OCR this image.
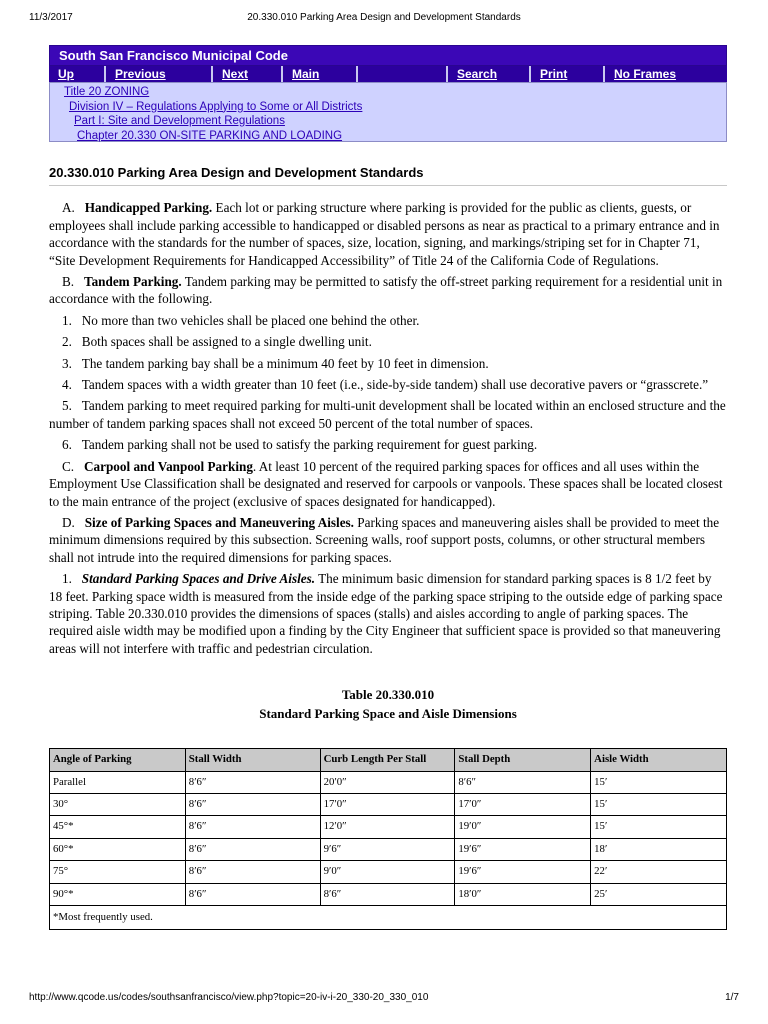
11/3/2017	20.330.010 Parking Area Design and Development Standards
South San Francisco Municipal Code
Up	Previous	Next	Main	Search	Print	No Frames
Title 20 ZONING
Division IV – Regulations Applying to Some or All Districts
Part I: Site and Development Regulations
Chapter 20.330 ON-SITE PARKING AND LOADING
20.330.010 Parking Area Design and Development Standards

A. Handicapped Parking. Each lot or parking structure where parking is provided for the public as clients, guests, or employees shall include parking accessible to handicapped or disabled persons as near as practical to a primary entrance and in accordance with the standards for the number of spaces, size, location, signing, and markings/striping set for in Chapter 71, “Site Development Requirements for Handicapped Accessibility” of Title 24 of the California Code of Regulations.

B. Tandem Parking. Tandem parking may be permitted to satisfy the off-street parking requirement for a residential unit in accordance with the following.

1.   No more than two vehicles shall be placed one behind the other.

2.   Both spaces shall be assigned to a single dwelling unit.

3.   The tandem parking bay shall be a minimum 40 feet by 10 feet in dimension.

4.   Tandem spaces with a width greater than 10 feet (i.e., side-by-side tandem) shall use decorative pavers or “grasscrete.”

5.   Tandem parking to meet required parking for multi-unit development shall be located within an enclosed structure and the number of tandem parking spaces shall not exceed 50 percent of the total number of spaces.

6.   Tandem parking shall not be used to satisfy the parking requirement for guest parking.

C. Carpool and Vanpool Parking. At least 10 percent of the required parking spaces for offices and all uses within the Employment Use Classification shall be designated and reserved for carpools or vanpools. These spaces shall be located closest to the main entrance of the project (exclusive of spaces designated for handicapped).

D. Size of Parking Spaces and Maneuvering Aisles. Parking spaces and maneuvering aisles shall be provided to meet the minimum dimensions required by this subsection. Screening walls, roof support posts, columns, or other structural members shall not intrude into the required dimensions for parking spaces.

1. Standard Parking Spaces and Drive Aisles. The minimum basic dimension for standard parking spaces is 8 1/2 feet by 18 feet. Parking space width is measured from the inside edge of the parking space striping to the outside edge of parking space striping. Table 20.330.010 provides the dimensions of spaces (stalls) and aisles according to angle of parking spaces. The required aisle width may be modified upon a finding by the City Engineer that sufficient space is provided so that maneuvering areas will not interfere with traffic and pedestrian circulation.

Table 20.330.010
Standard Parking Space and Aisle Dimensions
Angle of Parking	Stall Width	Curb Length Per Stall	Stall Depth	Aisle Width
Parallel	8′6″	20′0″	8′6″	15′
30°	8′6″	17′0″	17′0″	15′
45°*	8′6″	12′0″	19′0″	15′
60°*	8′6″	9′6″	19′6″	18′
75°	8′6″	9′0″	19′6″	22′
90°*	8′6″	8′6″	18′0″	25′
*Most frequently used.				
http://www.qcode.us/codes/southsanfrancisco/view.php?topic=20-iv-i-20_330-20_330_010	1/7
